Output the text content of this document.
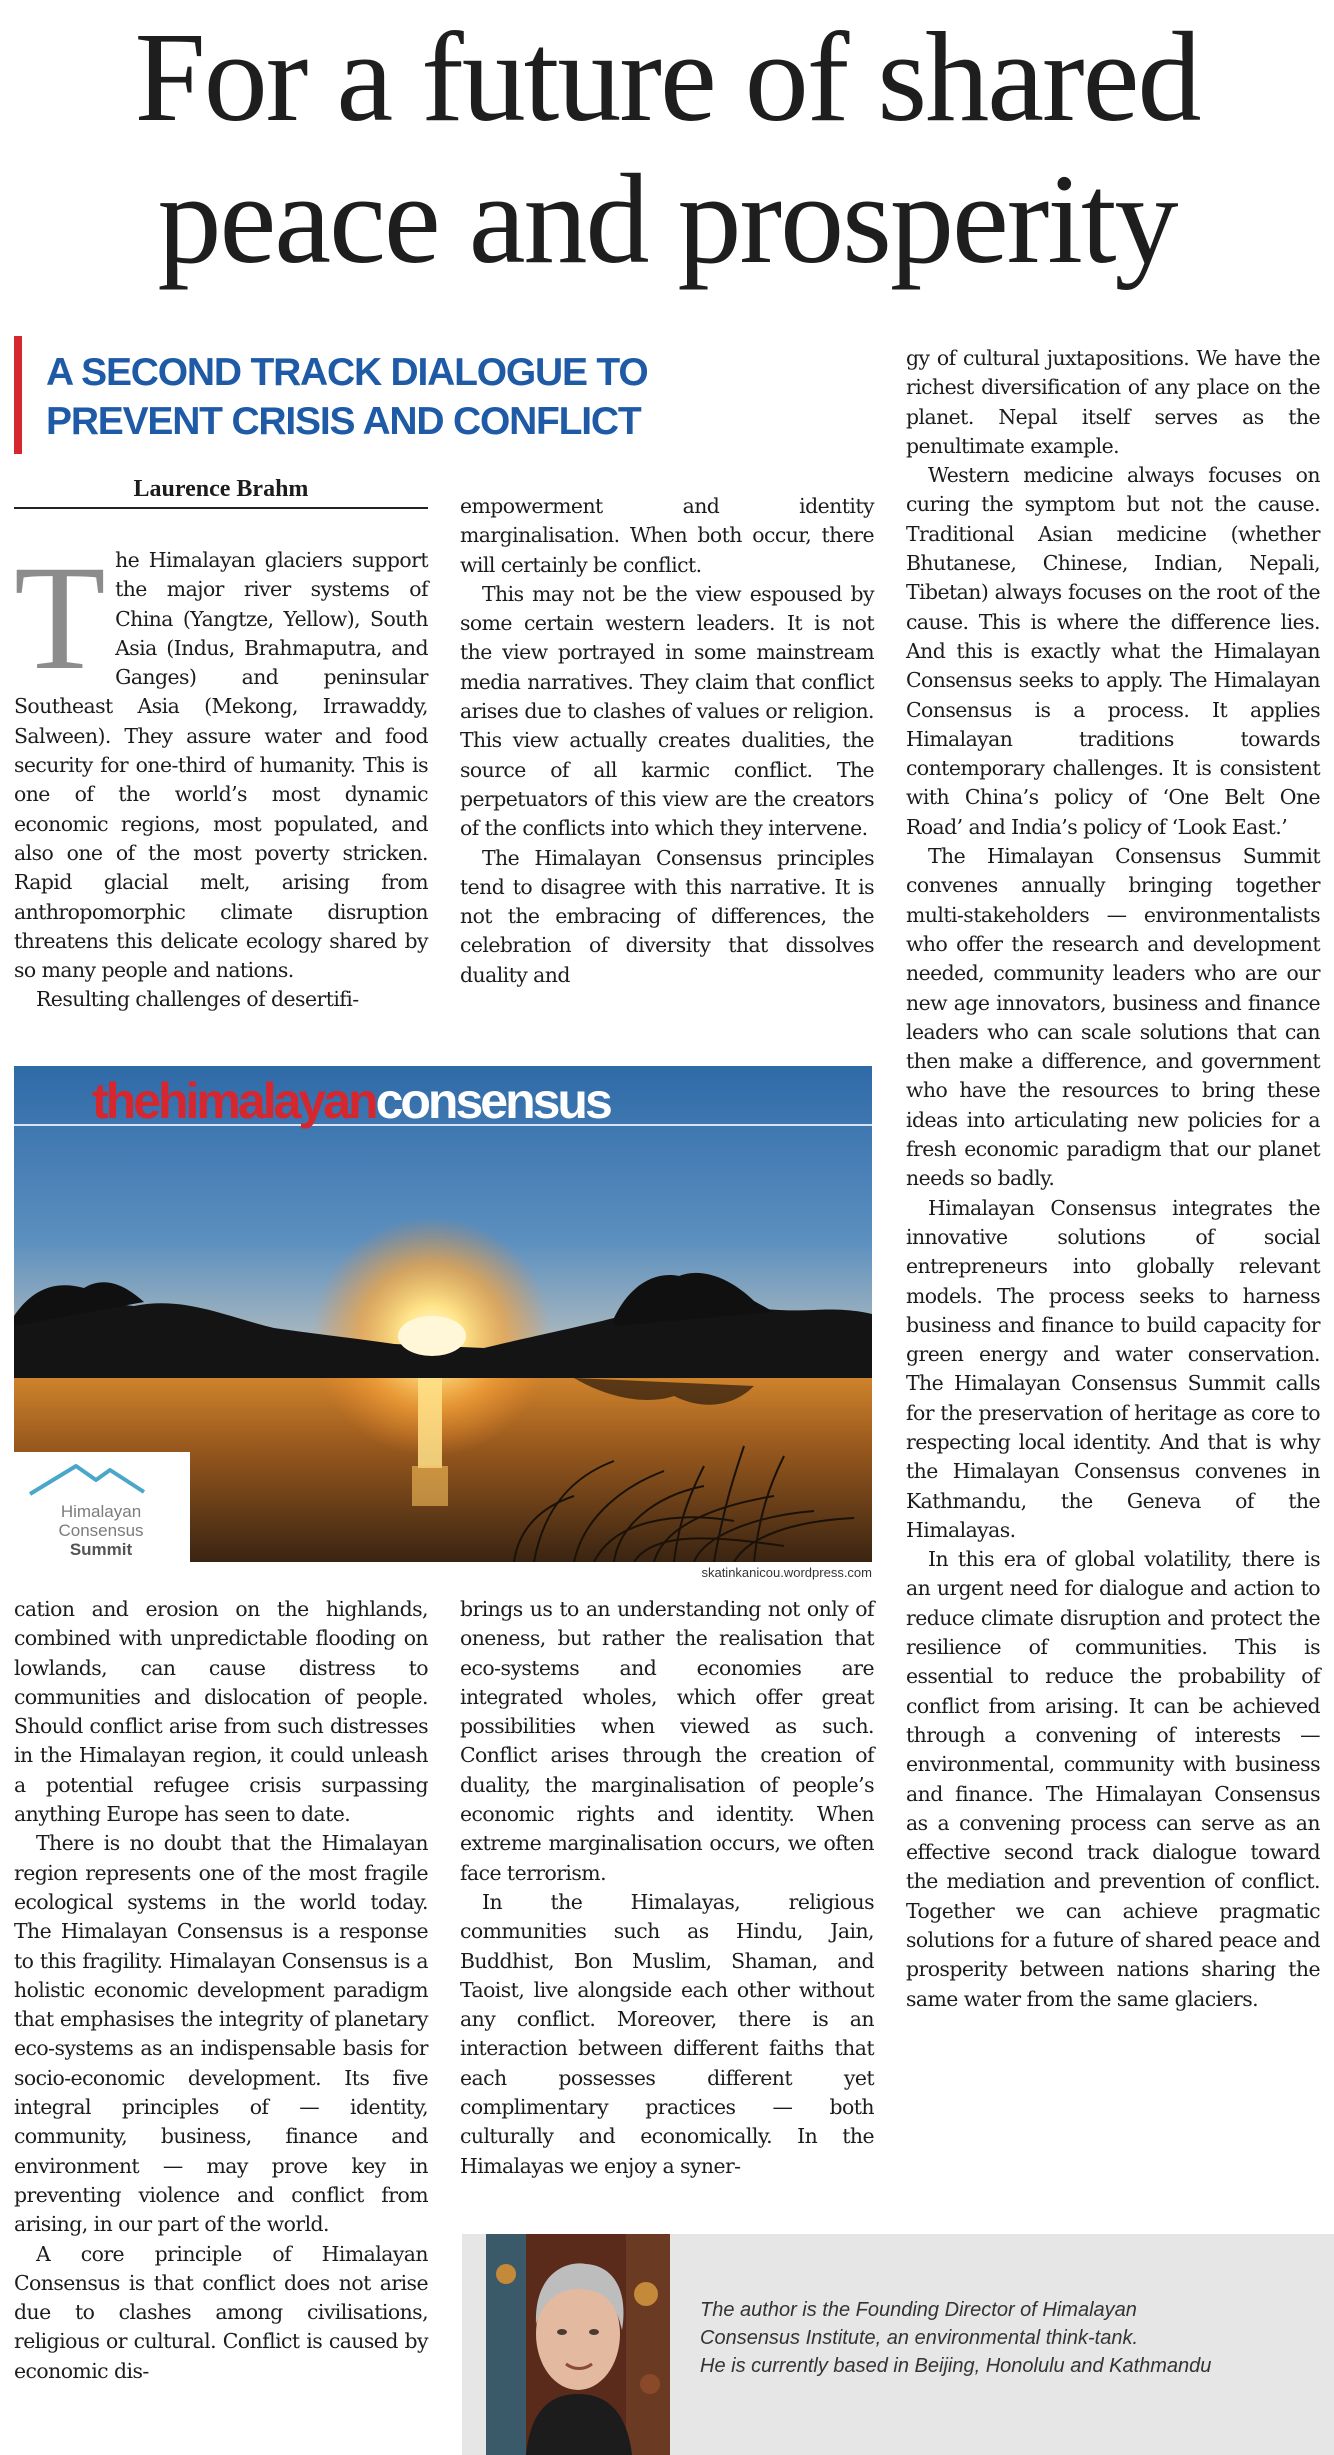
For a future of shared
peace and prosperity
A SECOND TRACK DIALOGUE TO
PREVENT CRISIS AND CONFLICT
Laurence Brahm

The Himalayan glaciers support the major river systems of China (Yangtze, Yellow), South Asia (Indus, Brahmaputra, and Ganges) and peninsular Southeast Asia (Mekong, Irrawaddy, Salween). They assure water and food security for one-third of humanity. This is one of the world’s most dynamic economic regions, most populated, and also one of the most poverty stricken. Rapid glacial melt, arising from anthropomorphic climate disruption threatens this delicate ecology shared by so many people and nations.

Resulting challenges of desertifi-

empowerment and identity marginalisation. When both occur, there will certainly be conflict.

This may not be the view espoused by some certain western leaders. It is not the view portrayed in some mainstream media narratives. They claim that conflict arises due to clashes of values or religion. This view actually creates dualities, the source of all karmic conflict. The perpetuators of this view are the creators of the conflicts into which they intervene.

The Himalayan Consensus principles tend to disagree with this narrative. It is not the embracing of differences, the celebration of diversity that dissolves duality and

gy of cultural juxtapositions. We have the richest diversification of any place on the planet. Nepal itself serves as the penultimate example.

Western medicine always focuses on curing the symptom but not the cause. Traditional Asian medicine (whether Bhutanese, Chinese, Indian, Nepali, Tibetan) always focuses on the root of the cause. This is where the difference lies. And this is exactly what the Himalayan Consensus seeks to apply. The Himalayan Consensus is a process. It applies Himalayan traditions towards contemporary challenges. It is consistent with China’s policy of ‘One Belt One Road’ and India’s policy of ‘Look East.’

The Himalayan Consensus Summit convenes annually bringing together multi-stakeholders — environmentalists who offer the research and development needed, community leaders who are our new age innovators, business and finance leaders who can scale solutions that can then make a difference, and government who have the resources to bring these ideas into articulating new policies for a fresh economic paradigm that our planet needs so badly.

Himalayan Consensus integrates the innovative solutions of social entrepreneurs into globally relevant models. The process seeks to harness business and finance to build capacity for green energy and water conservation. The Himalayan Consensus Summit calls for the preservation of heritage as core to respecting local identity. And that is why the Himalayan Consensus convenes in Kathmandu, the Geneva of the Himalayas.

In this era of global volatility, there is an urgent need for dialogue and action to reduce climate disruption and protect the resilience of communities. This is essential to reduce the probability of conflict from arising. It can be achieved through a convening of interests — environmental, community with business and finance. The Himalayan Consensus as a convening process can serve as an effective second track dialogue toward the mediation and prevention of conflict. Together we can achieve pragmatic solutions for a future of shared peace and prosperity between nations sharing the same water from the same glaciers.

thehimalayanconsensus
Himalayan
Consensus
Summit
skatinkanicou.wordpress.com

cation and erosion on the highlands, combined with unpredictable flooding on lowlands, can cause distress to communities and dislocation of people. Should conflict arise from such distresses in the Himalayan region, it could unleash a potential refugee crisis surpassing anything Europe has seen to date.

There is no doubt that the Himalayan region represents one of the most fragile ecological systems in the world today. The Himalayan Consensus is a response to this fragility. Himalayan Consensus is a holistic economic development paradigm that emphasises the integrity of planetary eco-systems as an indispensable basis for socio-economic development. Its five integral principles of — identity, community, business, finance and environment — may prove key in preventing violence and conflict from arising, in our part of the world.

A core principle of Himalayan Consensus is that conflict does not arise due to clashes among civilisations, religious or cultural. Conflict is caused by economic dis-

brings us to an understanding not only of oneness, but rather the realisation that eco-systems and economies are integrated wholes, which offer great possibilities when viewed as such. Conflict arises through the creation of duality, the marginalisation of people’s economic rights and identity. When extreme marginalisation occurs, we often face terrorism.

In the Himalayas, religious communities such as Hindu, Jain, Buddhist, Bon Muslim, Shaman, and Taoist, live alongside each other without any conflict. Moreover, there is an interaction between different faiths that each possesses different yet complimentary practices — both culturally and economically. In the Himalayas we enjoy a syner-

The author is the Founding Director of Himalayan
Consensus Institute, an environmental think-tank.
He is currently based in Beijing, Honolulu and Kathmandu
